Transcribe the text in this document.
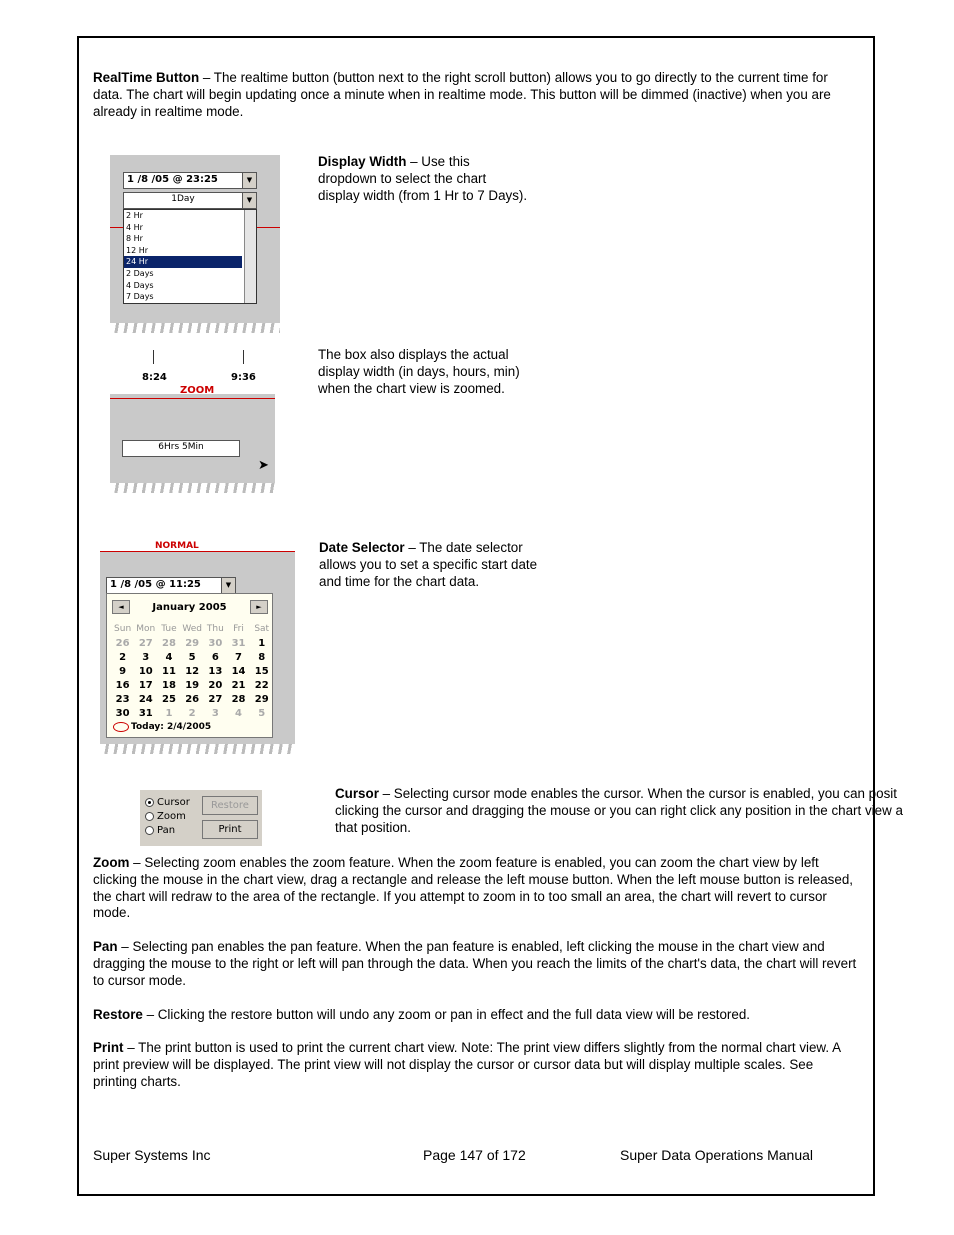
RealTime Button – The realtime button (button next to the right scroll button) allows you to go directly to the current time for data. The chart will begin updating once a minute when in realtime mode. This button will be dimmed (inactive) when you are already in realtime mode.

1 /8 /05 @ 23:25	▼
1Day	▼
2 Hr
4 Hr
8 Hr
12 Hr
24 Hr
2 Days
4 Days
7 Days

Display Width – Use this dropdown to select the chart display width (from 1 Hr to 7 Days).

8:24	9:36
ZOOM
6Hrs 5Min
➤

The box also displays the actual display width (in days, hours, min) when the chart view is zoomed.

NORMAL
1 /8 /05 @ 11:25	▼
◄	January 2005	►
Sun Mon Tue Wed Thu	Fri	Sat
26 27 28 29 30 31	1
2	3	4	5	6	7	8
9	10 11 12 13 14 15
16 17 18 19 20 21 22
23 24 25 26 27 28 29
30 31	1	2	3	4	5
Today: 2/4/2005

Date Selector – The date selector allows you to set a specific start date and time for the chart data.

Cursor
Zoom
Pan
Restore
Print

Cursor – Selecting cursor mode enables the cursor. When the cursor is enabled, you can posit
clicking the cursor and dragging the mouse or you can right click any position in the chart view a
that position.

Zoom – Selecting zoom enables the zoom feature. When the zoom feature is enabled, you can zoom the chart view by left clicking the mouse in the chart view, drag a rectangle and release the left mouse button. When the left mouse button is released, the chart will redraw to the area of the rectangle. If you attempt to zoom in to too small an area, the chart will revert to cursor mode.

Pan – Selecting pan enables the pan feature. When the pan feature is enabled, left clicking the mouse in the chart view and dragging the mouse to the right or left will pan through the data. When you reach the limits of the chart's data, the chart will revert to cursor mode.

Restore – Clicking the restore button will undo any zoom or pan in effect and the full data view will be restored.

Print – The print button is used to print the current chart view. Note: The print view differs slightly from the normal chart view. A print preview will be displayed. The print view will not display the cursor or cursor data but will display multiple scales. See printing charts.

Super Systems Inc	Page 147 of 172	Super Data Operations Manual
